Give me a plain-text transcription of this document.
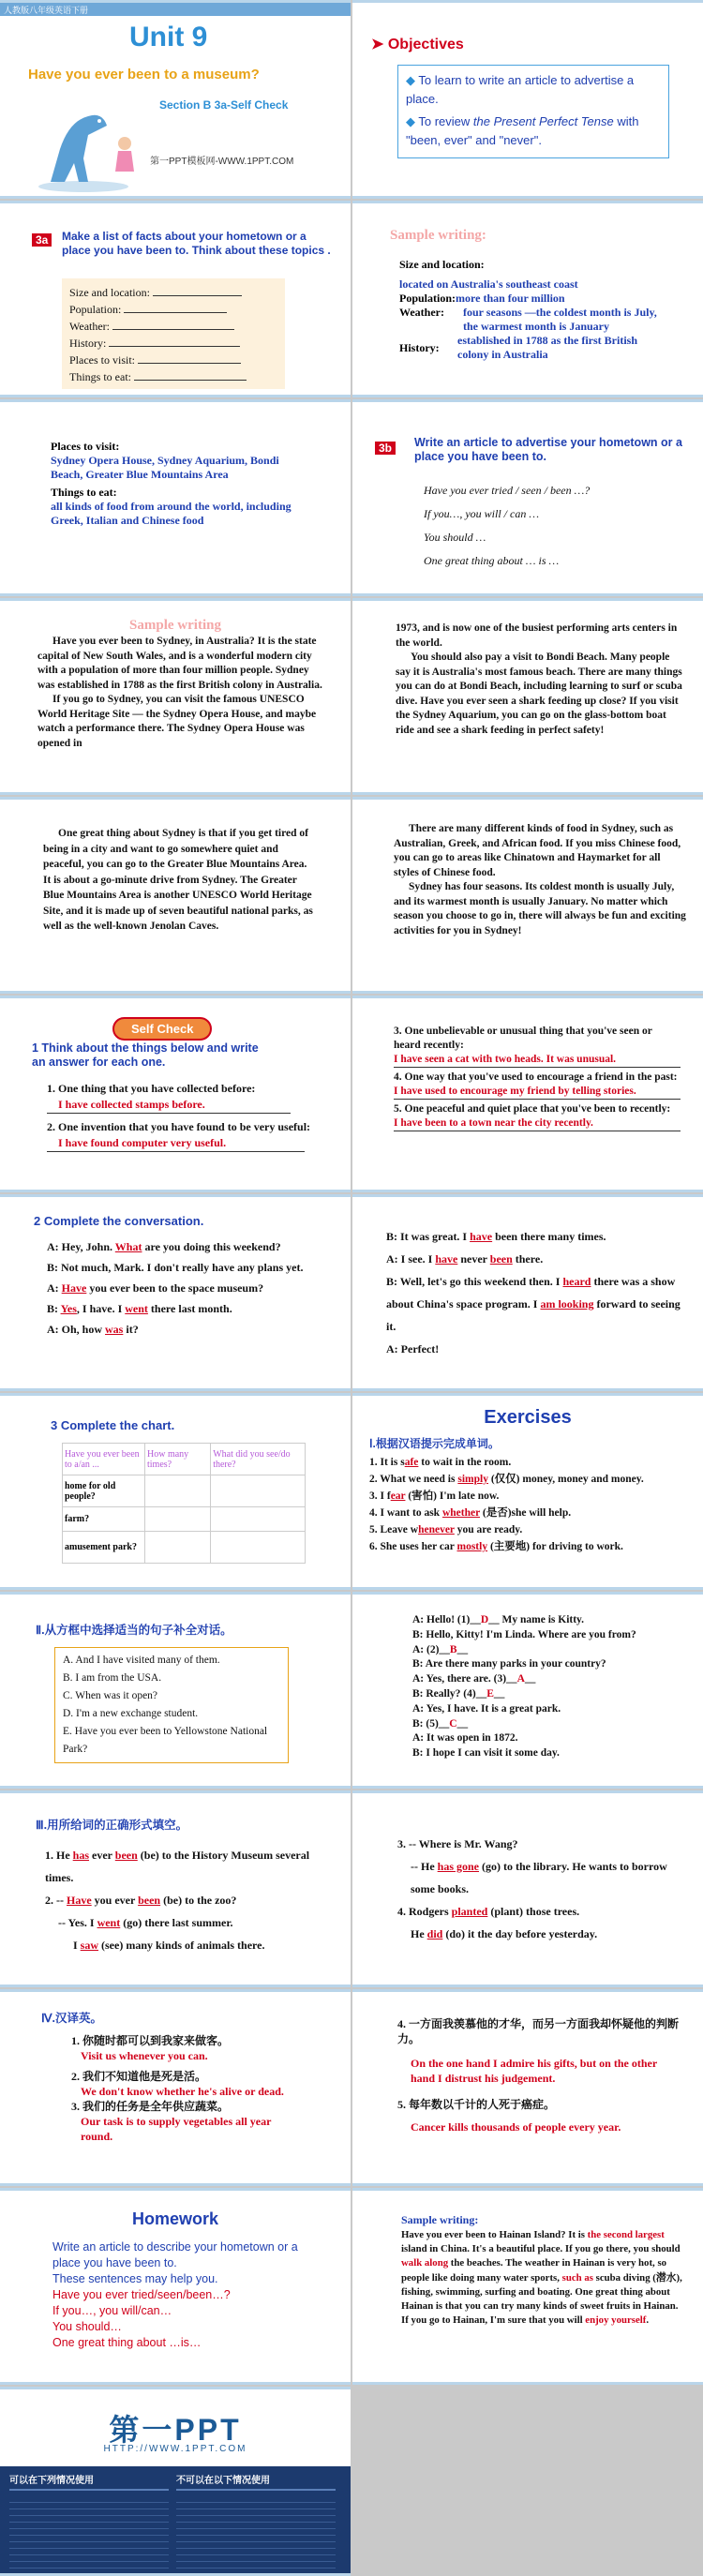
人教版八年级英语下册
Unit 9
Have you ever been to a museum?
Section B 3a-Self Check
第一PPT模板网-WWW.1PPT.COM
➤ Objectives
◆ To learn to write an article to advertise a place.
◆ To review the Present Perfect Tense with "been, ever" and "never".
3a	Make a list of facts about your hometown or a place you have been to. Think about these topics .
Size and location:
Population:
Weather:
History:
Places to visit:
Things to eat:
Sample writing:
Size and location:
located on Australia's southeast coast
Population:more than four million
Weather:	four seasons —the coldest month is July, the warmest month is January
History:
established in 1788 as the first British colony in Australia
Places to visit:
Sydney Opera House, Sydney Aquarium, Bondi Beach, Greater Blue Mountains Area
Things to eat:
all kinds of food from around the world, including Greek, Italian and Chinese food
3b	Write an article to advertise your hometown or a place you have been to.
Have you ever tried / seen / been …?
If you…, you will / can …
You should …
One great thing about … is …
Sample writing

Have you ever been to Sydney, in Australia? It is the state capital of New South Wales, and is a wonderful modern city with a population of more than four million people. Sydney was established in 1788 as the first British colony in Australia.

If you go to Sydney, you can visit the famous UNESCO World Heritage Site — the Sydney Opera House, and maybe watch a performance there. The Sydney Opera House was opened in

1973, and is now one of the busiest performing arts centers in the world.

You should also pay a visit to Bondi Beach. Many people say it is Australia's most famous beach. There are many things you can do at Bondi Beach, including learning to surf or scuba dive. Have you ever seen a shark feeding up close? If you visit the Sydney Aquarium, you can go on the glass-bottom boat ride and see a shark feeding in perfect safety!

One great thing about Sydney is that if you get tired of being in a city and want to go somewhere quiet and peaceful, you can go to the Greater Blue Mountains Area. It is about a go-minute drive from Sydney. The Greater Blue Mountains Area is another UNESCO World Heritage Site, and it is made up of seven beautiful national parks, as well as the well-known Jenolan Caves.

There are many different kinds of food in Sydney, such as Australian, Greek, and African food. If you miss Chinese food, you can go to areas like Chinatown and Haymarket for all styles of Chinese food.

Sydney has four seasons. Its coldest month is usually July, and its warmest month is usually January. No matter which season you choose to go in, there will always be fun and exciting activities for you in Sydney!

Self Check
1 Think about the things below and write an answer for each one.
1. One thing that you have collected before:
I have collected stamps before.
2. One invention that you have found to be very useful:
I have found computer very useful.
3. One unbelievable or unusual thing that you've seen or heard recently:
I have seen a cat with two heads. It was unusual.
4. One way that you've used to encourage a friend in the past:
I have used to encourage my friend by telling stories.
5. One peaceful and quiet place that you've been to recently:
I have been to a town near the city recently.
2 Complete the conversation.
A: Hey, John. What are you doing this weekend?
B: Not much, Mark. I don't really have any plans yet.
A: Have you ever been to the space museum?
B: Yes, I have. I went there last month.
A: Oh, how was it?
B: It was great. I have been there many times.
A: I see. I have never been there.
B: Well, let's go this weekend then. I heard there was a show about China's space program. I am looking forward to seeing it.
A: Perfect!
3 Complete the chart.
Have you ever been to a/an ...	How many times?	What did you see/do there?
home for old people?		
farm?		
amusement park?		
Exercises
Ⅰ.根据汉语提示完成单词。
1. It is safe to wait in the room.
2. What we need is simply (仅仅) money, money and money.
3. I fear (害怕) I'm late now.
4. I want to ask whether (是否)she will help.
5. Leave whenever you are ready.
6. She uses her car mostly (主要地) for driving to work.
Ⅱ.从方框中选择适当的句子补全对话。
A. And I have visited many of them.
B. I am from the USA.
C. When was it open?
D. I'm a new exchange student.
E. Have you ever been to Yellowstone National Park?
A: Hello! (1)__D__ My name is Kitty.
B: Hello, Kitty! I'm Linda. Where are you from?
A: (2)__B__
B: Are there many parks in your country?
A: Yes, there are. (3)__A__
B: Really? (4)__E__
A: Yes, I have. It is a great park.
B: (5)__C__
A: It was open in 1872.
B: I hope I can visit it some day.
Ⅲ.用所给词的正确形式填空。
1. He has ever been (be) to the History Museum several times.
2. -- Have you ever been (be) to the zoo?
-- Yes. I went (go) there last summer.
I saw (see) many kinds of animals there.
3. -- Where is Mr. Wang?
-- He has gone (go) to the library. He wants to borrow some books.
4. Rodgers planted (plant) those trees.
He did (do) it the day before yesterday.
Ⅳ.汉译英。
1. 你随时都可以到我家来做客。
Visit us whenever you can.
2. 我们不知道他是死是活。
We don't know whether he's alive or dead.
3. 我们的任务是全年供应蔬菜。
Our task is to supply vegetables all year round.
4. 一方面我羡慕他的才华，而另一方面我却怀疑他的判断力。
On the one hand I admire his gifts, but on the other hand I distrust his judgement.
5. 每年数以千计的人死于癌症。
Cancer kills thousands of people every year.
Homework
Write an article to describe your hometown or a place you have been to.
These sentences may help you.
Have you ever tried/seen/been…?
If you…, you will/can…
You should…
One great thing about …is…
Sample writing:
Have you ever been to Hainan Island? It is the second largest island in China. It's a beautiful place. If you go there, you should walk along the beaches. The weather in Hainan is very hot, so people like doing many water sports, such as scuba diving (潜水), fishing, swimming, surfing and boating. One great thing about Hainan is that you can try many kinds of sweet fruits in Hainan. If you go to Hainan, I'm sure that you will enjoy yourself.
第一PPT
HTTP://WWW.1PPT.COM
可以在下列情况使用	不可以在以下情况使用
